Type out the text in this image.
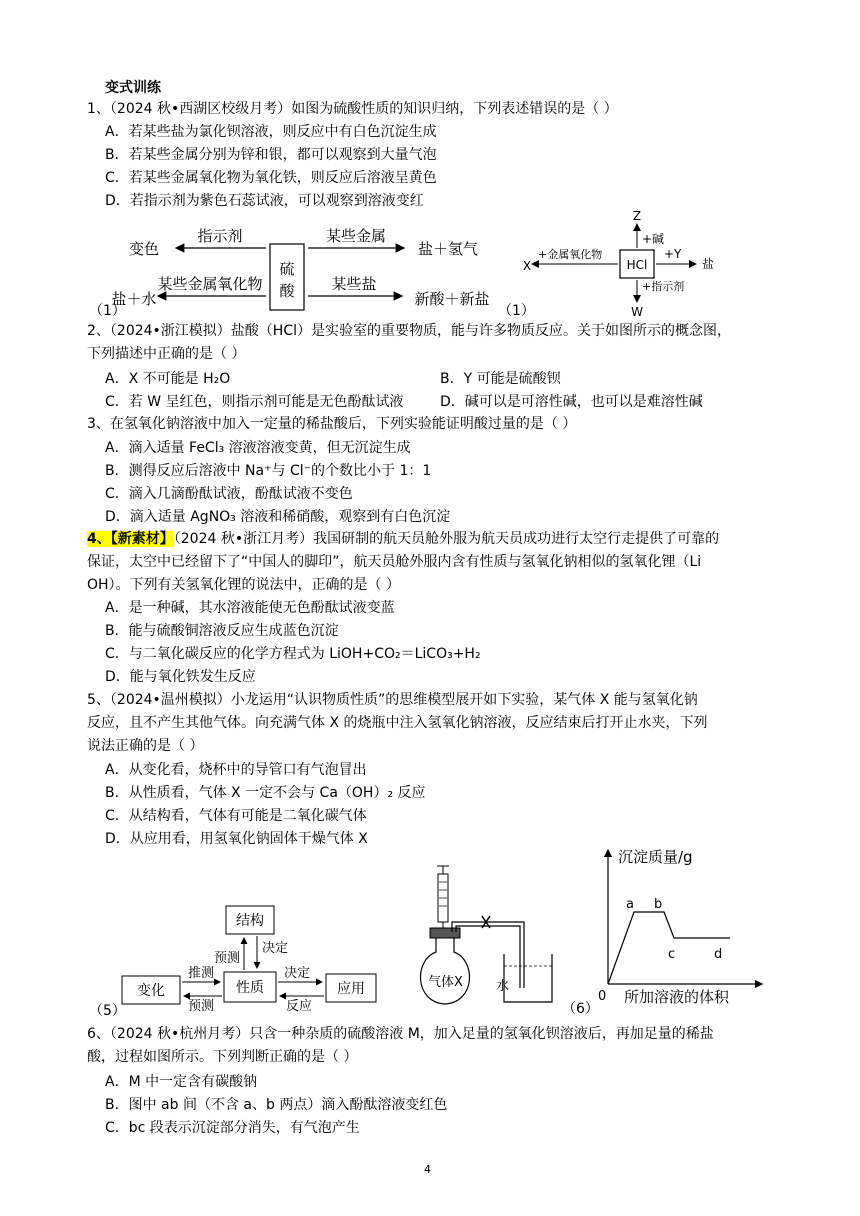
变式训练
1、（2024 秋•西湖区校级月考）如图为硫酸性质的知识归纳，下列表述错误的是（ ）
A．若某些盐为氯化钡溶液，则反应中有白色沉淀生成
B．若某些金属分别为锌和银，都可以观察到大量气泡
C．若某些金属氧化物为氧化铁，则反应后溶液呈黄色
D．若指示剂为紫色石蕊试液，可以观察到溶液变红
硫
酸
指示剂
变色
某些金属
盐＋氢气
某些金属氧化物
盐＋水
某些盐
新酸＋新盐
（1）
HCl
Z
+碱
X
+金属氧化物	+Y
盐
+指示剂
W
（1）
2、（2024•浙江模拟）盐酸（HCl）是实验室的重要物质，能与许多物质反应。关于如图所示的概念图，
下列描述中正确的是（ ）
A．X 不可能是 H₂O	B．Y 可能是硫酸钡
C．若 W 呈红色，则指示剂可能是无色酚酞试液	D．碱可以是可溶性碱，也可以是难溶性碱
3、在氢氧化钠溶液中加入一定量的稀盐酸后，下列实验能证明酸过量的是（ ）
A．滴入适量 FeCl₃ 溶液溶液变黄，但无沉淀生成
B．测得反应后溶液中 Na⁺与 Cl⁻的个数比小于 1：1
C．滴入几滴酚酞试液，酚酞试液不变色
D．滴入适量 AgNO₃ 溶液和稀硝酸，观察到有白色沉淀
4、【新素材】（2024 秋•浙江月考）我国研制的航天员舱外服为航天员成功进行太空行走提供了可靠的
保证，太空中已经留下了“中国人的脚印”，航天员舱外服内含有性质与氢氧化钠相似的氢氧化锂（Li
OH）。下列有关氢氧化锂的说法中，正确的是（ ）
A．是一种碱，其水溶液能使无色酚酞试液变蓝
B．能与硫酸铜溶液反应生成蓝色沉淀
C．与二氧化碳反应的化学方程式为 LiOH+CO₂＝LiCO₃+H₂
D．能与氧化铁发生反应
5、（2024•温州模拟）小龙运用“认识物质性质”的思维模型展开如下实验，某气体 X 能与氢氧化钠
反应，且不产生其他气体。向充满气体 X 的烧瓶中注入氢氧化钠溶液，反应结束后打开止水夹，下列
说法正确的是（ ）
A．从变化看，烧杯中的导管口有气泡冒出
B．从性质看，气体 X 一定不会与 Ca（OH）₂ 反应
C．从结构看，气体有可能是二氧化碳气体
D．从应用看，用氢氧化钠固体干燥气体 X
结构
变化	性质	应用
预测
决定
推测
预测
决定
反应
（5）
气体X	水
沉淀质量/g
0 所加溶液的体积
a b
c	d
（6）
6、（2024 秋•杭州月考）只含一种杂质的硫酸溶液 M，加入足量的氢氧化钡溶液后，再加足量的稀盐
酸，过程如图所示。下列判断正确的是（ ）
A．M 中一定含有碳酸钠
B．图中 ab 间（不含 a、b 两点）滴入酚酞溶液变红色
C．bc 段表示沉淀部分消失，有气泡产生
4
